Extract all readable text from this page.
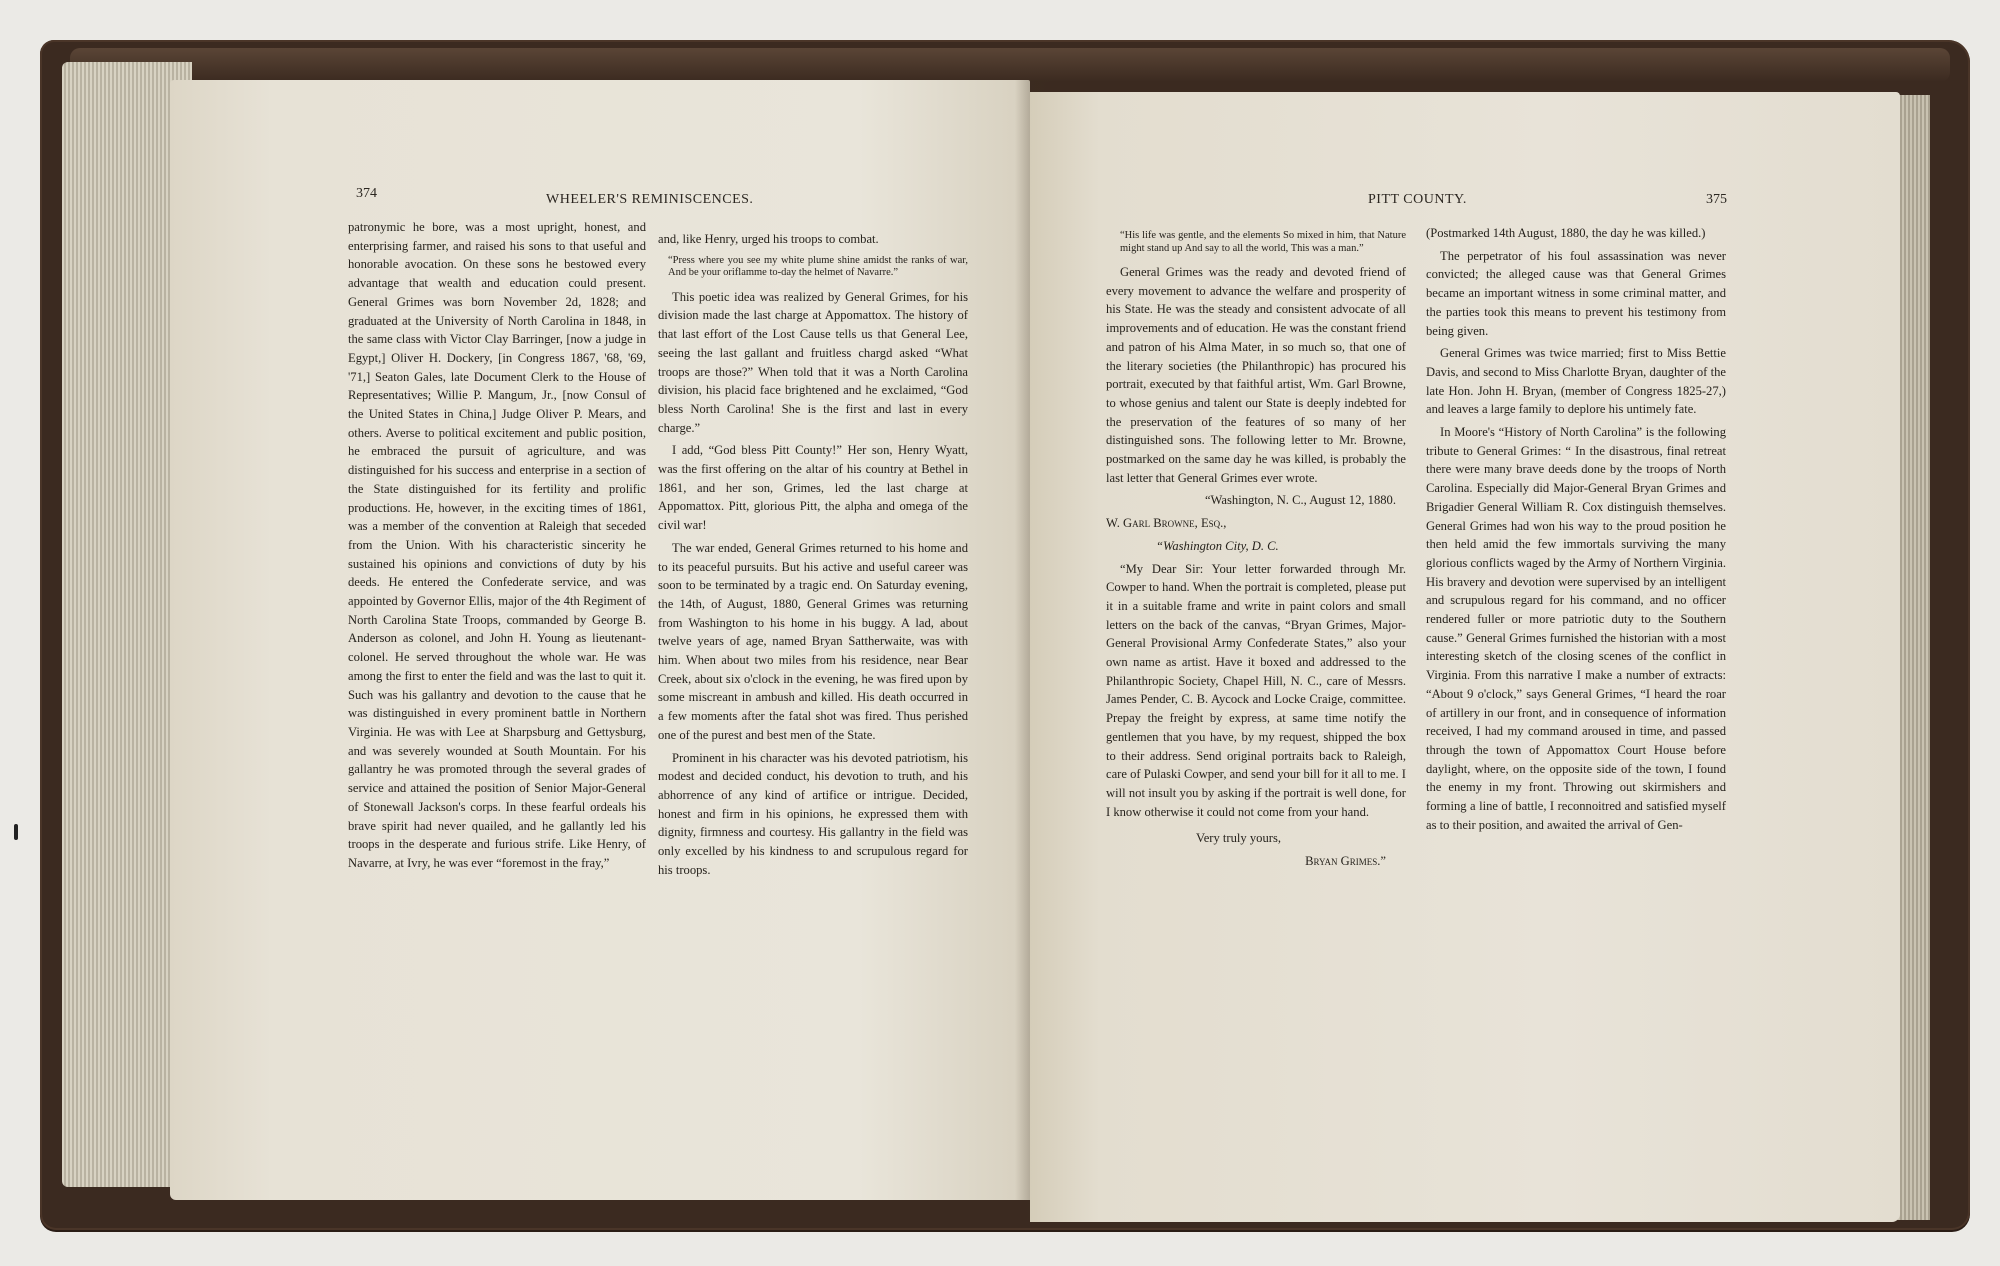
374	WHEELER'S REMINISCENCES.

patronymic he bore, was a most upright, honest, and enterprising farmer, and raised his sons to that useful and honorable avocation. On these sons he bestowed every advantage that wealth and education could present. General Grimes was born November 2d, 1828; and graduated at the University of North Carolina in 1848, in the same class with Victor Clay Barringer, [now a judge in Egypt,] Oliver H. Dockery, [in Congress 1867, '68, '69, '71,] Seaton Gales, late Document Clerk to the House of Representatives; Willie P. Mangum, Jr., [now Consul of the United States in China,] Judge Oliver P. Mears, and others. Averse to political excitement and public position, he embraced the pursuit of agriculture, and was distinguished for his success and enterprise in a section of the State distinguished for its fertility and prolific productions. He, however, in the exciting times of 1861, was a member of the convention at Raleigh that seceded from the Union. With his characteristic sincerity he sustained his opinions and convictions of duty by his deeds. He entered the Confederate service, and was appointed by Governor Ellis, major of the 4th Regiment of North Carolina State Troops, commanded by George B. Anderson as colonel, and John H. Young as lieutenant-colonel. He served throughout the whole war. He was among the first to enter the field and was the last to quit it. Such was his gallantry and devotion to the cause that he was distinguished in every prominent battle in Northern Virginia. He was with Lee at Sharpsburg and Gettysburg, and was severely wounded at South Mountain. For his gallantry he was promoted through the several grades of service and attained the position of Senior Major-General of Stonewall Jackson's corps. In these fearful ordeals his brave spirit had never quailed, and he gallantly led his troops in the desperate and furious strife. Like Henry, of Navarre, at Ivry, he was ever “foremost in the fray,”

and, like Henry, urged his troops to combat.

“Press where you see my white plume shine amidst the ranks of war, And be your oriflamme to-day the helmet of Navarre.”

This poetic idea was realized by General Grimes, for his division made the last charge at Appomattox. The history of that last effort of the Lost Cause tells us that General Lee, seeing the last gallant and fruitless chargd asked “What troops are those?” When told that it was a North Carolina division, his placid face brightened and he exclaimed, “God bless North Carolina! She is the first and last in every charge.”

I add, “God bless Pitt County!” Her son, Henry Wyatt, was the first offering on the altar of his country at Bethel in 1861, and her son, Grimes, led the last charge at Appomattox. Pitt, glorious Pitt, the alpha and omega of the civil war!

The war ended, General Grimes returned to his home and to its peaceful pursuits. But his active and useful career was soon to be terminated by a tragic end. On Saturday evening, the 14th, of August, 1880, General Grimes was returning from Washington to his home in his buggy. A lad, about twelve years of age, named Bryan Sattherwaite, was with him. When about two miles from his residence, near Bear Creek, about six o'clock in the evening, he was fired upon by some miscreant in ambush and killed. His death occurred in a few moments after the fatal shot was fired. Thus perished one of the purest and best men of the State.

Prominent in his character was his devoted patriotism, his modest and decided conduct, his devotion to truth, and his abhorrence of any kind of artifice or intrigue. Decided, honest and firm in his opinions, he expressed them with dignity, firmness and courtesy. His gallantry in the field was only excelled by his kindness to and scrupulous regard for his troops.

PITT COUNTY.	375

“His life was gentle, and the elements So mixed in him, that Nature might stand up And say to all the world, This was a man.”

General Grimes was the ready and devoted friend of every movement to advance the welfare and prosperity of his State. He was the steady and consistent advocate of all improvements and of education. He was the constant friend and patron of his Alma Mater, in so much so, that one of the literary societies (the Philanthropic) has procured his portrait, executed by that faithful artist, Wm. Garl Browne, to whose genius and talent our State is deeply indebted for the preservation of the features of so many of her distinguished sons. The following letter to Mr. Browne, postmarked on the same day he was killed, is probably the last letter that General Grimes ever wrote.

“Washington, N. C., August 12, 1880.

W. Garl Browne, Esq.,

“Washington City, D. C.

“My Dear Sir: Your letter forwarded through Mr. Cowper to hand. When the portrait is completed, please put it in a suitable frame and write in paint colors and small letters on the back of the canvas, “Bryan Grimes, Major-General Provisional Army Confederate States,” also your own name as artist. Have it boxed and addressed to the Philanthropic Society, Chapel Hill, N. C., care of Messrs. James Pender, C. B. Aycock and Locke Craige, committee. Prepay the freight by express, at same time notify the gentlemen that you have, by my request, shipped the box to their address. Send original portraits back to Raleigh, care of Pulaski Cowper, and send your bill for it all to me. I will not insult you by asking if the portrait is well done, for I know otherwise it could not come from your hand.

Very truly yours,

Bryan Grimes.”

(Postmarked 14th August, 1880, the day he was killed.)

The perpetrator of his foul assassination was never convicted; the alleged cause was that General Grimes became an important witness in some criminal matter, and the parties took this means to prevent his testimony from being given.

General Grimes was twice married; first to Miss Bettie Davis, and second to Miss Charlotte Bryan, daughter of the late Hon. John H. Bryan, (member of Congress 1825-27,) and leaves a large family to deplore his untimely fate.

In Moore's “History of North Carolina” is the following tribute to General Grimes: “ In the disastrous, final retreat there were many brave deeds done by the troops of North Carolina. Especially did Major-General Bryan Grimes and Brigadier General William R. Cox distinguish themselves. General Grimes had won his way to the proud position he then held amid the few immortals surviving the many glorious conflicts waged by the Army of Northern Virginia. His bravery and devotion were supervised by an intelligent and scrupulous regard for his command, and no officer rendered fuller or more patriotic duty to the Southern cause.” General Grimes furnished the historian with a most interesting sketch of the closing scenes of the conflict in Virginia. From this narrative I make a number of extracts: “About 9 o'clock,” says General Grimes, “I heard the roar of artillery in our front, and in consequence of information received, I had my command aroused in time, and passed through the town of Appomattox Court House before daylight, where, on the opposite side of the town, I found the enemy in my front. Throwing out skirmishers and forming a line of battle, I reconnoitred and satisfied myself as to their position, and awaited the arrival of Gen-
